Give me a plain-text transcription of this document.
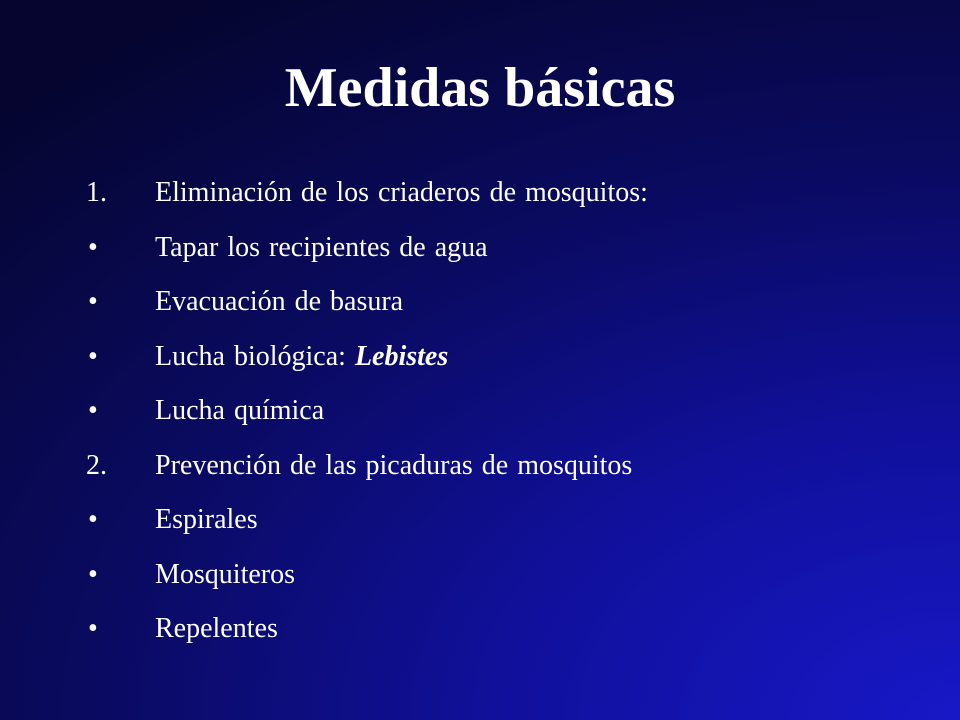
Medidas básicas
1. Eliminación de los criaderos de mosquitos:
• Tapar los recipientes de agua
• Evacuación de basura
• Lucha biológica: Lebistes
• Lucha química
2. Prevención de las picaduras de mosquitos
• Espirales
• Mosquiteros
• Repelentes
